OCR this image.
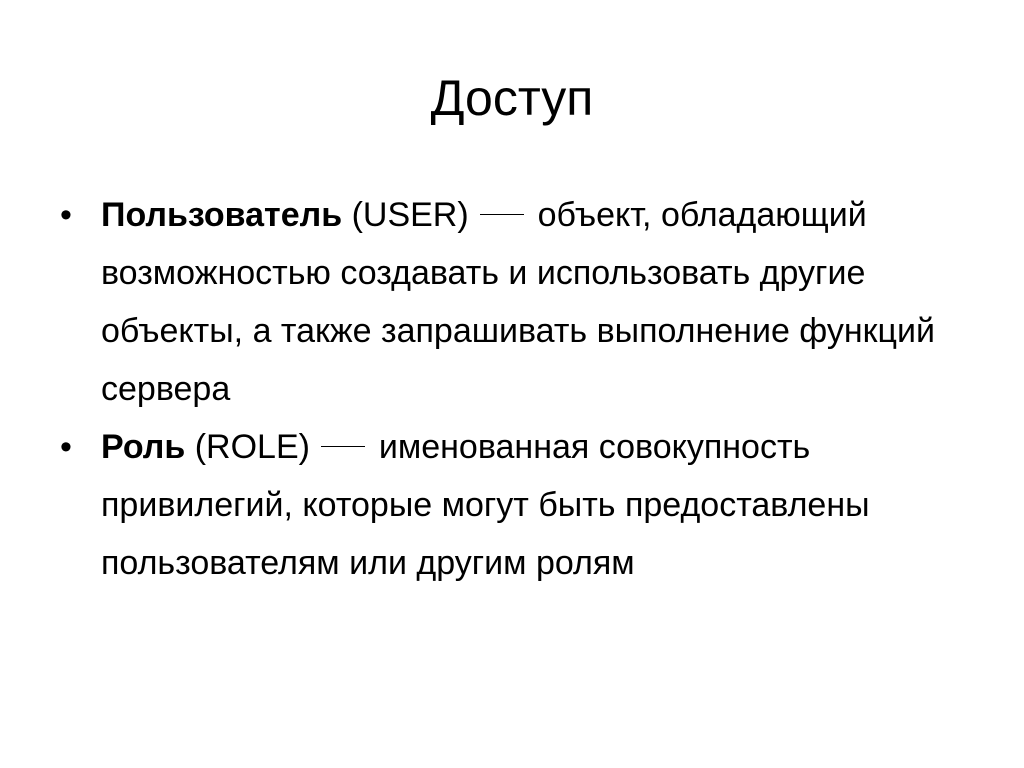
Доступ
• Пользователь (USER) объект, обладающий возможностью создавать и использовать другие объекты, а также запрашивать выполнение функций сервера
• Роль (ROLE) именованная совокупность привилегий, которые могут быть предоставлены пользователям или другим ролям
